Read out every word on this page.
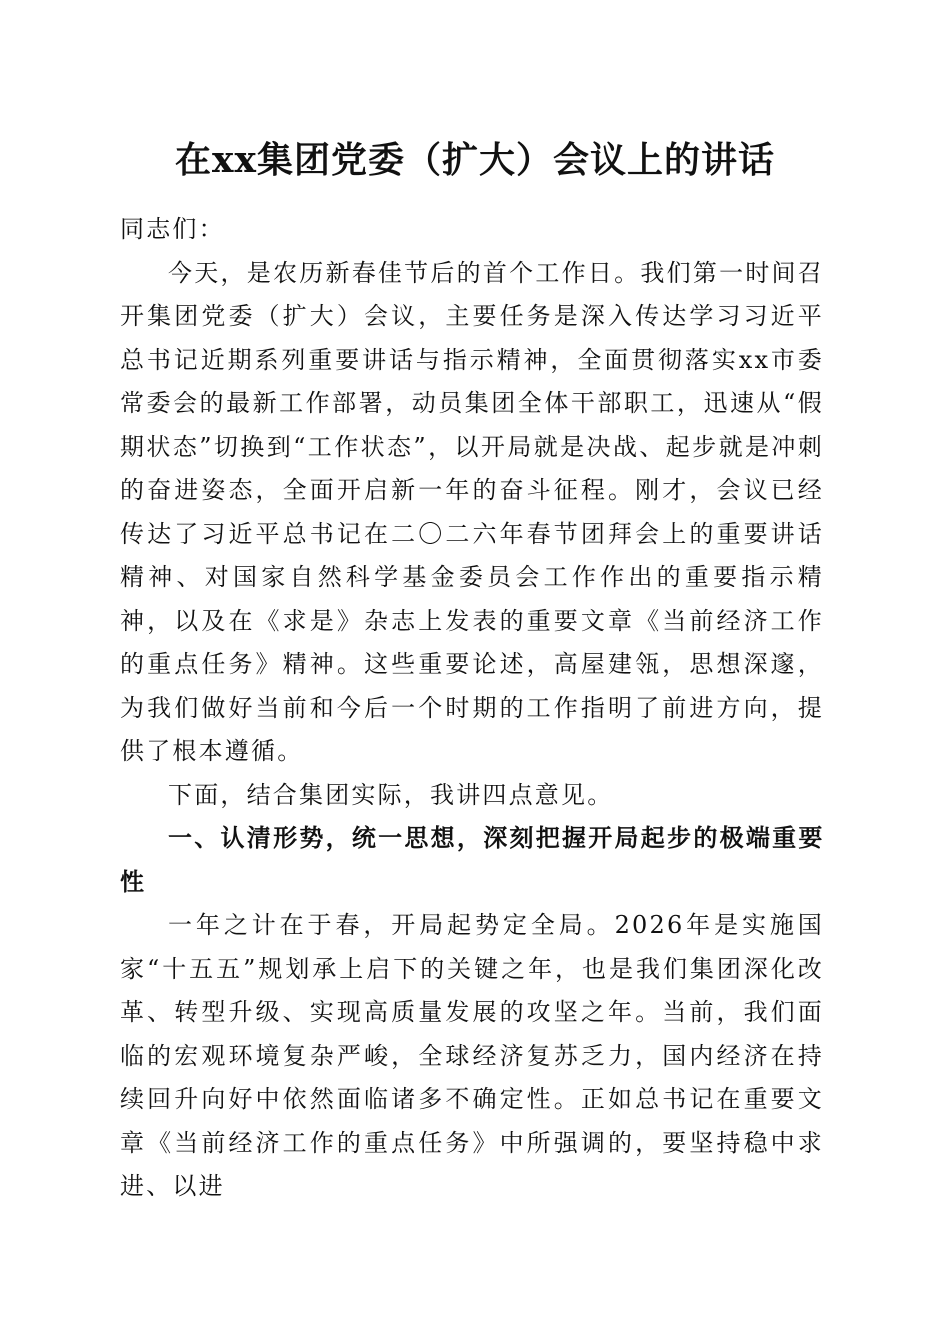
在xx集团党委（扩大）会议上的讲话

同志们：

今天，是农历新春佳节后的首个工作日。我们第一时间召开集团党委（扩大）会议，主要任务是深入传达学习习近平总书记近期系列重要讲话与指示精神，全面贯彻落实xx市委常委会的最新工作部署，动员集团全体干部职工，迅速从“假期状态”切换到“工作状态”，以开局就是决战、起步就是冲刺的奋进姿态，全面开启新一年的奋斗征程。刚才，会议已经传达了习近平总书记在二〇二六年春节团拜会上的重要讲话精神、对国家自然科学基金委员会工作作出的重要指示精神，以及在《求是》杂志上发表的重要文章《当前经济工作的重点任务》精神。这些重要论述，高屋建瓴，思想深邃，为我们做好当前和今后一个时期的工作指明了前进方向，提供了根本遵循。

下面，结合集团实际，我讲四点意见。

一、认清形势，统一思想，深刻把握开局起步的极端重要性

一年之计在于春，开局起势定全局。2026年是实施国家“十五五”规划承上启下的关键之年，也是我们集团深化改革、转型升级、实现高质量发展的攻坚之年。当前，我们面临的宏观环境复杂严峻，全球经济复苏乏力，国内经济在持续回升向好中依然面临诸多不确定性。正如总书记在重要文章《当前经济工作的重点任务》中所强调的，要坚持稳中求进、以进
